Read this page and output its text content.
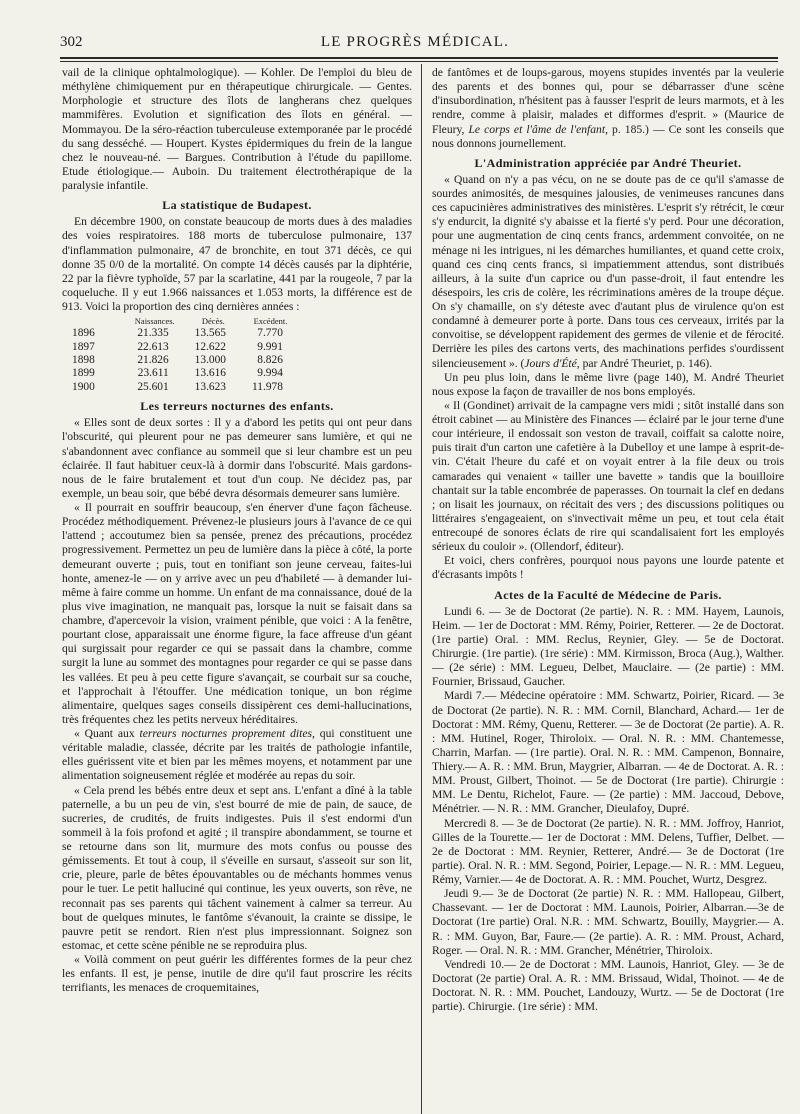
302	LE PROGRÈS MÉDICAL.

vail de la clinique ophtalmologique). — Kohler. De l'emploi du bleu de méthylène chimiquement pur en thérapeutique chirurgicale. — Gentes. Morphologie et structure des îlots de langherans chez quelques mammifères. Evolution et signification des îlots en général. — Mommayou. De la séro-réaction tuberculeuse extemporanée par le procédé du sang desséché. — Houpert. Kystes épidermiques du frein de la langue chez le nouveau-né. — Bargues. Contribution à l'étude du papillome. Etude étiologique.— Auboin. Du traitement électrothérapique de la paralysie infantile.

La statistique de Budapest.

En décembre 1900, on constate beaucoup de morts dues à des maladies des voies respiratoires. 188 morts de tuberculose pulmonaire, 137 d'inflammation pulmonaire, 47 de bronchite, en tout 371 décès, ce qui donne 35 0/0 de la mortalité. On compte 14 décès causés par la diphtérie, 22 par la fièvre typhoïde, 57 par la scarlatine, 441 par la rougeole, 7 par la coqueluche. Il y eut 1.966 naissances et 1.053 morts, la différence est de 913. Voici la proportion des cinq dernières années :

	Naissances.	Décès.	Excédent.
1896	21.335	13.565	7.770
1897	22.613	12.622	9.991
1898	21.826	13.000	8.826
1899	23.611	13.616	9.994
1900	25.601	13.623	11.978
Les terreurs nocturnes des enfants.

« Elles sont de deux sortes : Il y a d'abord les petits qui ont peur dans l'obscurité, qui pleurent pour ne pas demeurer sans lumière, et qui ne s'abandonnent avec confiance au sommeil que si leur chambre est un peu éclairée. Il faut habituer ceux-là à dormir dans l'obscurité. Mais gardons-nous de le faire brutalement et tout d'un coup. Ne décidez pas, par exemple, un beau soir, que bébé devra désormais demeurer sans lumière.

« Il pourrait en souffrir beaucoup, s'en énerver d'une façon fâcheuse. Procédez méthodiquement. Prévenez-le plusieurs jours à l'avance de ce qui l'attend ; accoutumez bien sa pensée, prenez des précautions, procédez progressivement. Permettez un peu de lumière dans la pièce à côté, la porte demeurant ouverte ; puis, tout en tonifiant son jeune cerveau, faites-lui honte, amenez-le — on y arrive avec un peu d'habileté — à demander lui-même à faire comme un homme. Un enfant de ma connaissance, doué de la plus vive imagination, ne manquait pas, lorsque la nuit se faisait dans sa chambre, d'apercevoir la vision, vraiment pénible, que voici : A la fenêtre, pourtant close, apparaissait une énorme figure, la face affreuse d'un géant qui surgissait pour regarder ce qui se passait dans la chambre, comme surgit la lune au sommet des montagnes pour regarder ce qui se passe dans les vallées. Et peu à peu cette figure s'avançait, se courbait sur sa couche, et l'approchait à l'étouffer. Une médication tonique, un bon régime alimentaire, quelques sages conseils dissipèrent ces demi-hallucinations, très fréquentes chez les petits nerveux héréditaires.

« Quant aux terreurs nocturnes proprement dites, qui constituent une véritable maladie, classée, décrite par les traités de pathologie infantile, elles guérissent vite et bien par les mêmes moyens, et notamment par une alimentation soigneusement réglée et modérée au repas du soir.

« Cela prend les bébés entre deux et sept ans. L'enfant a dîné à la table paternelle, a bu un peu de vin, s'est bourré de mie de pain, de sauce, de sucreries, de crudités, de fruits indigestes. Puis il s'est endormi d'un sommeil à la fois profond et agité ; il transpire abondamment, se tourne et se retourne dans son lit, murmure des mots confus ou pousse des gémissements. Et tout à coup, il s'éveille en sursaut, s'asseoit sur son lit, crie, pleure, parle de bêtes épouvantables ou de méchants hommes venus pour le tuer. Le petit halluciné qui continue, les yeux ouverts, son rêve, ne reconnait pas ses parents qui tâchent vainement à calmer sa terreur. Au bout de quelques minutes, le fantôme s'évanouit, la crainte se dissipe, le pauvre petit se rendort. Rien n'est plus impressionnant. Soignez son estomac, et cette scène pénible ne se reproduira plus.

« Voilà comment on peut guérir les différentes formes de la peur chez les enfants. Il est, je pense, inutile de dire qu'il faut proscrire les récits terrifiants, les menaces de croquemitaines,

de fantômes et de loups-garous, moyens stupides inventés par la veulerie des parents et des bonnes qui, pour se débarrasser d'une scène d'insubordination, n'hésitent pas à fausser l'esprit de leurs marmots, et à les rendre, comme à plaisir, malades et difformes d'esprit. » (Maurice de Fleury, Le corps et l'âme de l'enfant, p. 185.) — Ce sont les conseils que nous donnons journellement.

L'Administration appréciée par André Theuriet.

« Quand on n'y a pas vécu, on ne se doute pas de ce qu'il s'amasse de sourdes animosités, de mesquines jalousies, de venimeuses rancunes dans ces capucinières administratives des ministères. L'esprit s'y rétrécit, le cœur s'y endurcit, la dignité s'y abaisse et la fierté s'y perd. Pour une décoration, pour une augmentation de cinq cents francs, ardemment convoitée, on ne ménage ni les intrigues, ni les démarches humiliantes, et quand cette croix, quand ces cinq cents francs, si impatiemment attendus, sont distribués ailleurs, à la suite d'un caprice ou d'un passe-droit, il faut entendre les désespoirs, les cris de colère, les récriminations amères de la troupe déçue. On s'y chamaille, on s'y déteste avec d'autant plus de virulence qu'on est condamné à demeurer porte à porte. Dans tous ces cerveaux, irrités par la convoitise, se développent rapidement des germes de vilenie et de férocité. Derrière les piles des cartons verts, des machinations perfides s'ourdissent silencieusement ». (Jours d'Été, par André Theuriet, p. 146).

Un peu plus loin, dans le même livre (page 140), M. André Theuriet nous expose la façon de travailler de nos bons employés.

« Il (Gondinet) arrivait de la campagne vers midi ; sitôt installé dans son étroit cabinet — au Ministère des Finances — éclairé par le jour terne d'une cour intérieure, il endossait son veston de travail, coiffait sa calotte noire, puis tirait d'un carton une cafetière à la Dubelloy et une lampe à esprit-de-vin. C'était l'heure du café et on voyait entrer à la file deux ou trois camarades qui venaient « tailler une bavette » tandis que la bouilloire chantait sur la table encombrée de paperasses. On tournait la clef en dedans ; on lisait les journaux, on récitait des vers ; des discussions politiques ou littéraires s'engageaient, on s'invectivait même un peu, et tout cela était entrecoupé de sonores éclats de rire qui scandalisaient fort les employés sérieux du couloir ». (Ollendorf, éditeur).

Et voici, chers confrères, pourquoi nous payons une lourde patente et d'écrasants impôts !

Actes de la Faculté de Médecine de Paris.

Lundi 6. — 3e de Doctorat (2e partie). N. R. : MM. Hayem, Launois, Heim. — 1er de Doctorat : MM. Rémy, Poirier, Retterer. — 2e de Doctorat. (1re partie) Oral. : MM. Reclus, Reynier, Gley. — 5e de Doctorat. Chirurgie. (1re partie). (1re série) : MM. Kirmisson, Broca (Aug.), Walther. — (2e série) : MM. Legueu, Delbet, Mauclaire. — (2e partie) : MM. Fournier, Brissaud, Gaucher.

Mardi 7.— Médecine opératoire : MM. Schwartz, Poirier, Ricard. — 3e de Doctorat (2e partie). N. R. : MM. Cornil, Blanchard, Achard.— 1er de Doctorat : MM. Rémy, Quenu, Retterer. — 3e de Doctorat (2e partie). A. R. : MM. Hutinel, Roger, Thiroloix. — Oral. N. R. : MM. Chantemesse, Charrin, Marfan. — (1re partie). Oral. N. R. : MM. Campenon, Bonnaire, Thiery.— A. R. : MM. Brun, Maygrier, Albarran. — 4e de Doctorat. A. R. : MM. Proust, Gilbert, Thoinot. — 5e de Doctorat (1re partie). Chirurgie : MM. Le Dentu, Richelot, Faure. — (2e partie) : MM. Jaccoud, Debove, Ménétrier. — N. R. : MM. Grancher, Dieulafoy, Dupré.

Mercredi 8. — 3e de Doctorat (2e partie). N. R. : MM. Joffroy, Hanriot, Gilles de la Tourette.— 1er de Doctorat : MM. Delens, Tuffier, Delbet. — 2e de Doctorat : MM. Reynier, Retterer, André.— 3e de Doctorat (1re partie). Oral. N. R. : MM. Segond, Poirier, Lepage.— N. R. : MM. Legueu, Rémy, Varnier.— 4e de Doctorat. A. R. : MM. Pouchet, Wurtz, Desgrez.

Jeudi 9.— 3e de Doctorat (2e partie) N. R. : MM. Hallopeau, Gilbert, Chassevant. — 1er de Doctorat : MM. Launois, Poirier, Albarran.—3e de Doctorat (1re partie) Oral. N.R. : MM. Schwartz, Bouilly, Maygrier.— A. R. : MM. Guyon, Bar, Faure.— (2e partie). A. R. : MM. Proust, Achard, Roger. — Oral. N. R. : MM. Grancher, Ménétrier, Thiroloix.

Vendredi 10.— 2e de Doctorat : MM. Launois, Hanriot, Gley. — 3e de Doctorat (2e partie) Oral. A. R. : MM. Brissaud, Widal, Thoinot. — 4e de Doctorat. N. R. : MM. Pouchet, Landouzy, Wurtz. — 5e de Doctorat (1re partie). Chirurgie. (1re série) : MM.
